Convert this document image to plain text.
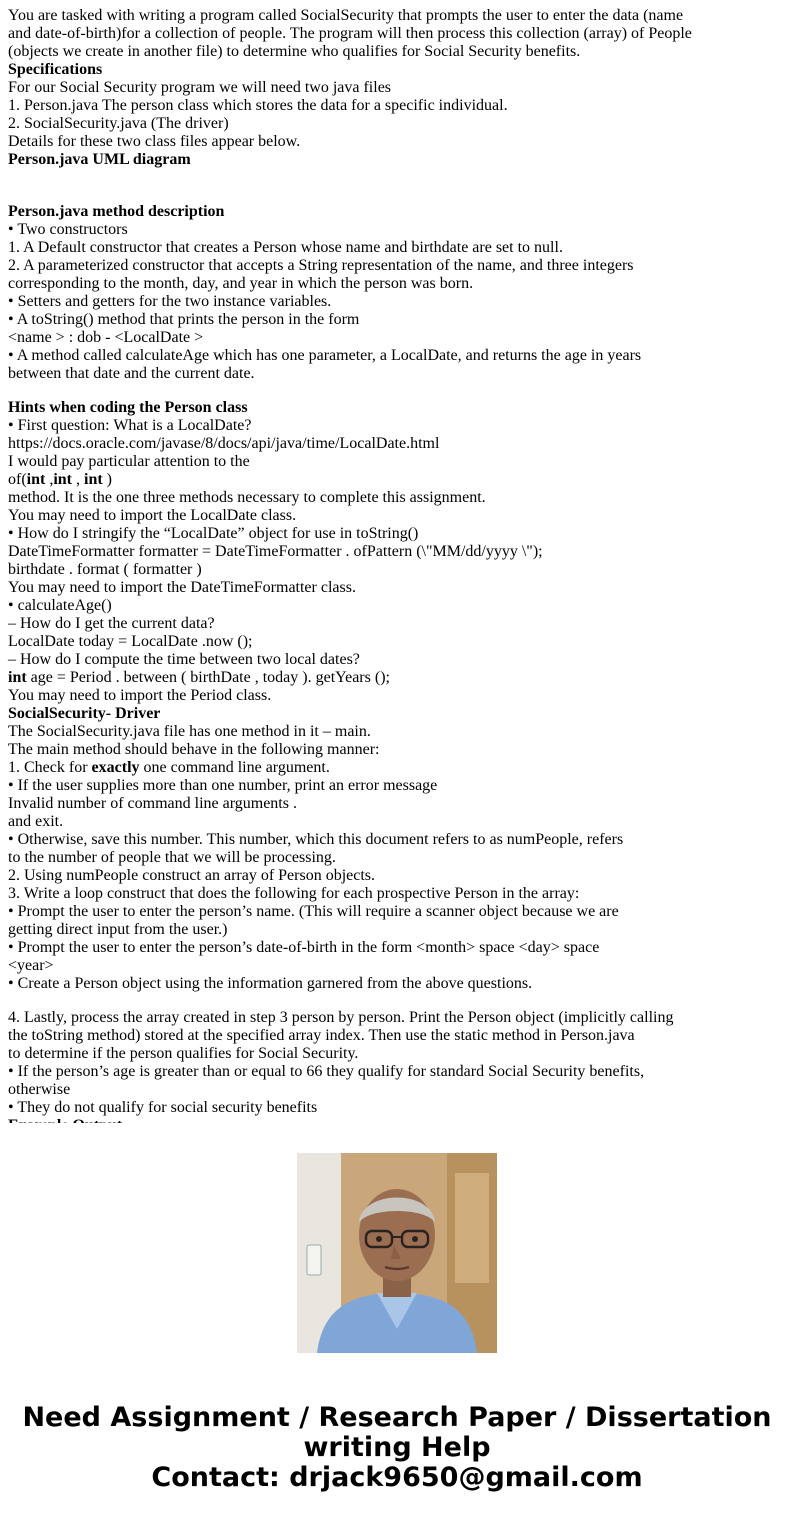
You are tasked with writing a program called SocialSecurity that prompts the user to enter the data (name

and date-of-birth)for a collection of people. The program will then process this collection (array) of People

(objects we create in another file) to determine who qualifies for Social Security benefits.

Specifications

For our Social Security program we will need two java files

1. Person.java The person class which stores the data for a specific individual.

2. SocialSecurity.java (The driver)

Details for these two class files appear below.

Person.java UML diagram

Person.java method description

• Two constructors

1. A Default constructor that creates a Person whose name and birthdate are set to null.

2. A parameterized constructor that accepts a String representation of the name, and three integers

corresponding to the month, day, and year in which the person was born.

• Setters and getters for the two instance variables.

• A toString() method that prints the person in the form

<name > : dob - <LocalDate >

• A method called calculateAge which has one parameter, a LocalDate, and returns the age in years

between that date and the current date.

Hints when coding the Person class

• First question: What is a LocalDate?

https://docs.oracle.com/javase/8/docs/api/java/time/LocalDate.html

I would pay particular attention to the

of(int ,int , int )

method. It is the one three methods necessary to complete this assignment.

You may need to import the LocalDate class.

• How do I stringify the “LocalDate” object for use in toString()

DateTimeFormatter formatter = DateTimeFormatter . ofPattern (\"MM/dd/yyyy \");

birthdate . format ( formatter )

You may need to import the DateTimeFormatter class.

• calculateAge()

– How do I get the current data?

LocalDate today = LocalDate .now ();

– How do I compute the time between two local dates?

int age = Period . between ( birthDate , today ). getYears ();

You may need to import the Period class.

SocialSecurity- Driver

The SocialSecurity.java file has one method in it – main.

The main method should behave in the following manner:

1. Check for exactly one command line argument.

• If the user supplies more than one number, print an error message

Invalid number of command line arguments .

and exit.

• Otherwise, save this number. This number, which this document refers to as numPeople, refers

to the number of people that we will be processing.

2. Using numPeople construct an array of Person objects.

3. Write a loop construct that does the following for each prospective Person in the array:

• Prompt the user to enter the person’s name. (This will require a scanner object because we are

getting direct input from the user.)

• Prompt the user to enter the person’s date-of-birth in the form <month> space <day> space

<year>

• Create a Person object using the information garnered from the above questions.

4. Lastly, process the array created in step 3 person by person. Print the Person object (implicitly calling

the toString method) stored at the specified array index. Then use the static method in Person.java

to determine if the person qualifies for Social Security.

• If the person’s age is greater than or equal to 66 they qualify for standard Social Security benefits,

otherwise

• They do not qualify for social security benefits

Need Assignment / Research Paper / Dissertation
writing Help
Contact: drjack9650@gmail.com
